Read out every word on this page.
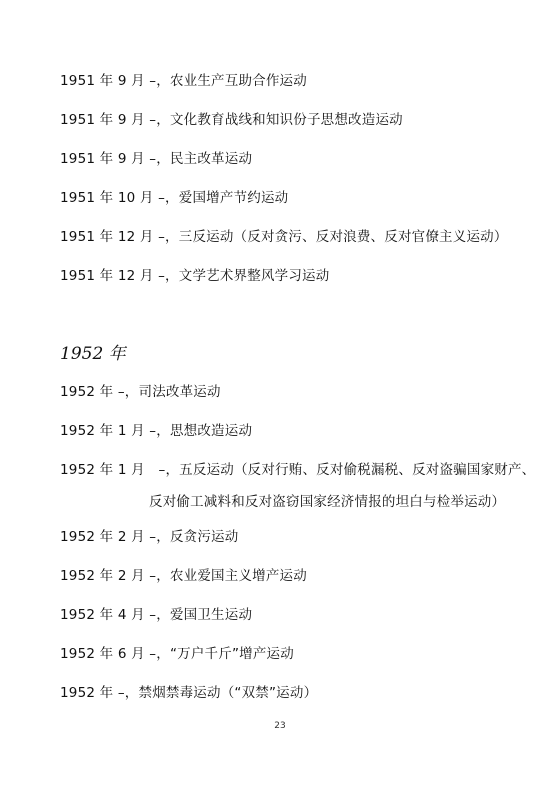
1951 年 9 月 –，农业生产互助合作运动
1951 年 9 月 –，文化教育战线和知识份子思想改造运动
1951 年 9 月 –，民主改革运动
1951 年 10 月 –，爱国增产节约运动
1951 年 12 月 –，三反运动（反对贪污、反对浪费、反对官僚主义运动）
1951 年 12 月 –，文学艺术界整风学习运动
1952 年
1952 年 –，司法改革运动
1952 年 1 月 –，思想改造运动
1952 年 1 月　–，五反运动（反对行贿、反对偷税漏税、反对盗骗国家财产、
反对偷工减料和反对盗窃国家经济情报的坦白与检举运动）
1952 年 2 月 –，反贪污运动
1952 年 2 月 –，农业爱国主义增产运动
1952 年 4 月 –，爱国卫生运动
1952 年 6 月 –，“万户千斤”增产运动
1952 年 –，禁烟禁毒运动（“双禁”运动）
23
